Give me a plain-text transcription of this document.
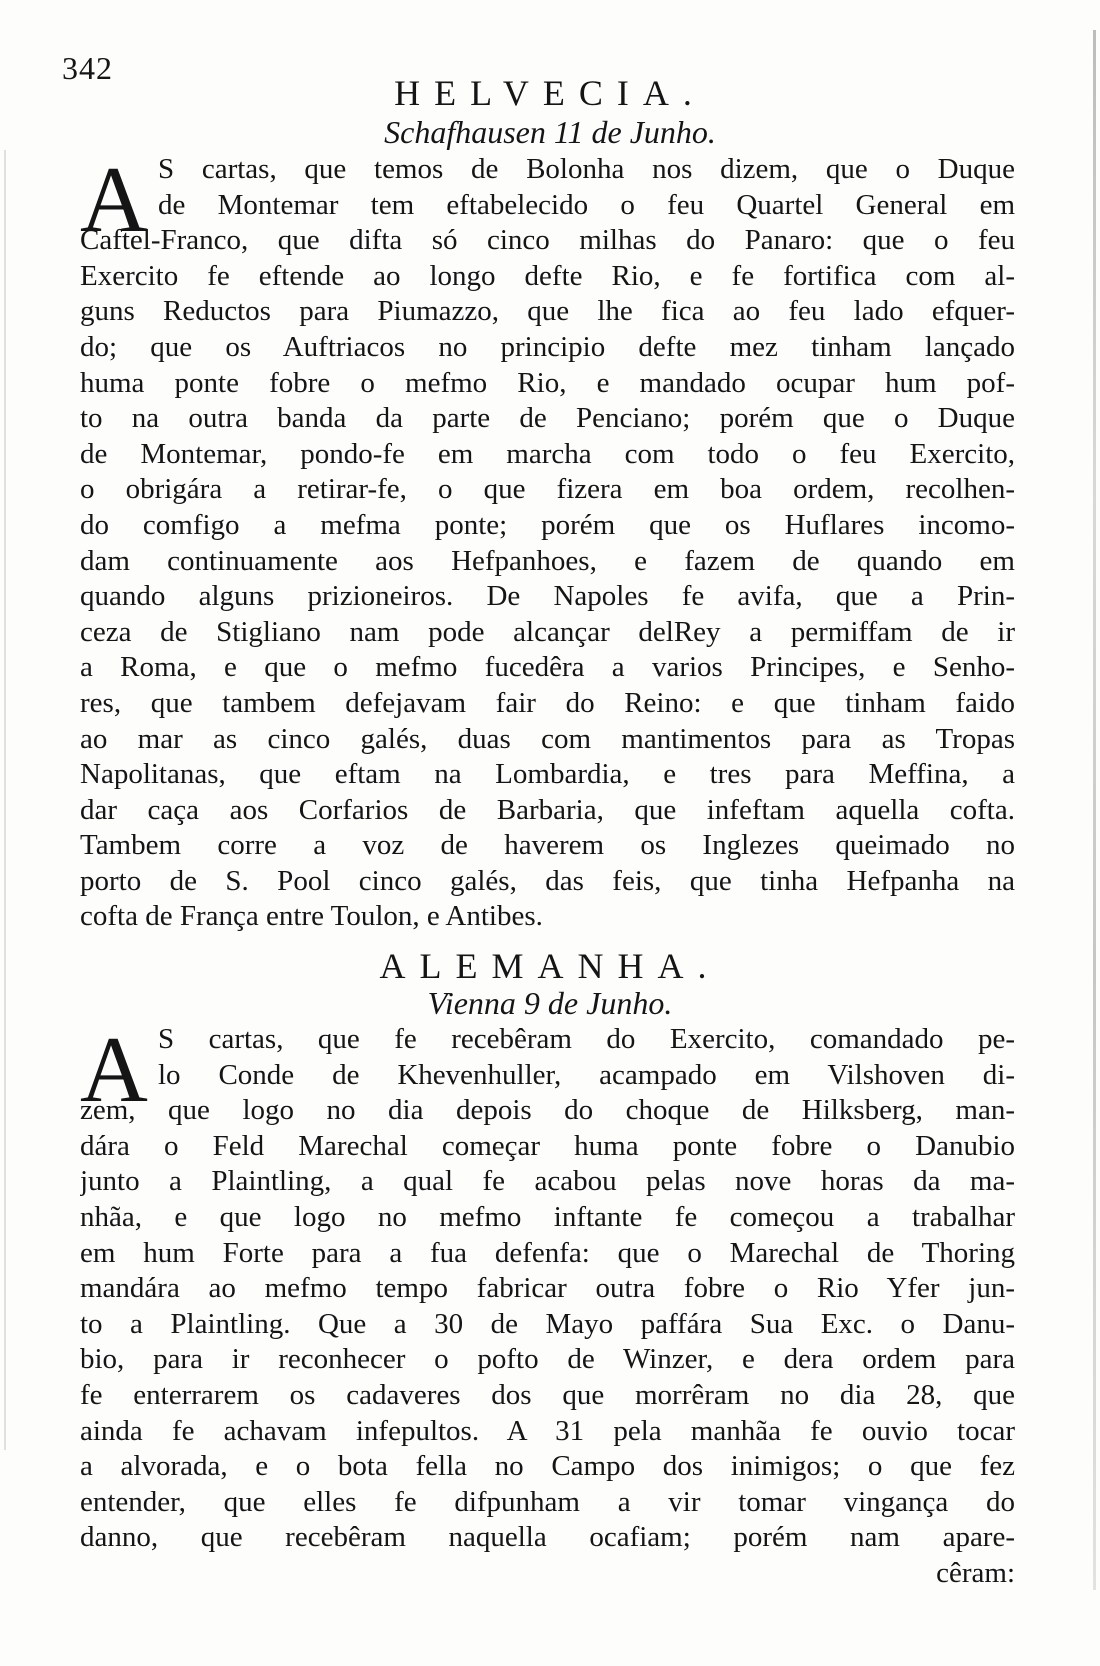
342
HELVECIA.
Schafhausen 11 de Junho.
A S cartas, que temos de Bolonha nos dizem, que o Duque
de Montemar tem eftabelecido o feu Quartel General em
Caftel-Franco, que difta só cinco milhas do Panaro: que o feu
Exercito fe eftende ao longo defte Rio, e fe fortifica com al-
guns Reductos para Piumazzo, que lhe fica ao feu lado efquer-
do; que os Auftriacos no principio defte mez tinham lançado
huma ponte fobre o mefmo Rio, e mandado ocupar hum pof-
to na outra banda da parte de Penciano; porém que o Duque
de Montemar, pondo-fe em marcha com todo o feu Exercito,
o obrigára a retirar-fe, o que fizera em boa ordem, recolhen-
do comfigo a mefma ponte; porém que os Huflares incomo-
dam continuamente aos Hefpanhoes, e fazem de quando em
quando alguns prizioneiros. De Napoles fe avifa, que a Prin-
ceza de Stigliano nam pode alcançar delRey a permiffam de ir
a Roma, e que o mefmo fucedêra a varios Principes, e Senho-
res, que tambem defejavam fair do Reino: e que tinham faido
ao mar as cinco galés, duas com mantimentos para as Tropas
Napolitanas, que eftam na Lombardia, e tres para Meffina, a
dar caça aos Corfarios de Barbaria, que infeftam aquella cofta.
Tambem corre a voz de haverem os Inglezes queimado no
porto de S. Pool cinco galés, das feis, que tinha Hefpanha na
cofta de França entre Toulon, e Antibes.
ALEMANHA.
Vienna 9 de Junho.
A S cartas, que fe recebêram do Exercito, comandado pe-
lo Conde de Khevenhuller, acampado em Vilshoven di-
zem, que logo no dia depois do choque de Hilksberg, man-
dára o Feld Marechal começar huma ponte fobre o Danubio
junto a Plaintling, a qual fe acabou pelas nove horas da ma-
nhãa, e que logo no mefmo inftante fe começou a trabalhar
em hum Forte para a fua defenfa: que o Marechal de Thoring
mandára ao mefmo tempo fabricar outra fobre o Rio Yfer jun-
to a Plaintling. Que a 30 de Mayo paffára Sua Exc. o Danu-
bio, para ir reconhecer o pofto de Winzer, e dera ordem para
fe enterrarem os cadaveres dos que morrêram no dia 28, que
ainda fe achavam infepultos. A 31 pela manhãa fe ouvio tocar
a alvorada, e o bota fella no Campo dos inimigos; o que fez
entender, que elles fe difpunham a vir tomar vingança do
danno, que recebêram naquella ocafiam; porém nam apare-
cêram:
